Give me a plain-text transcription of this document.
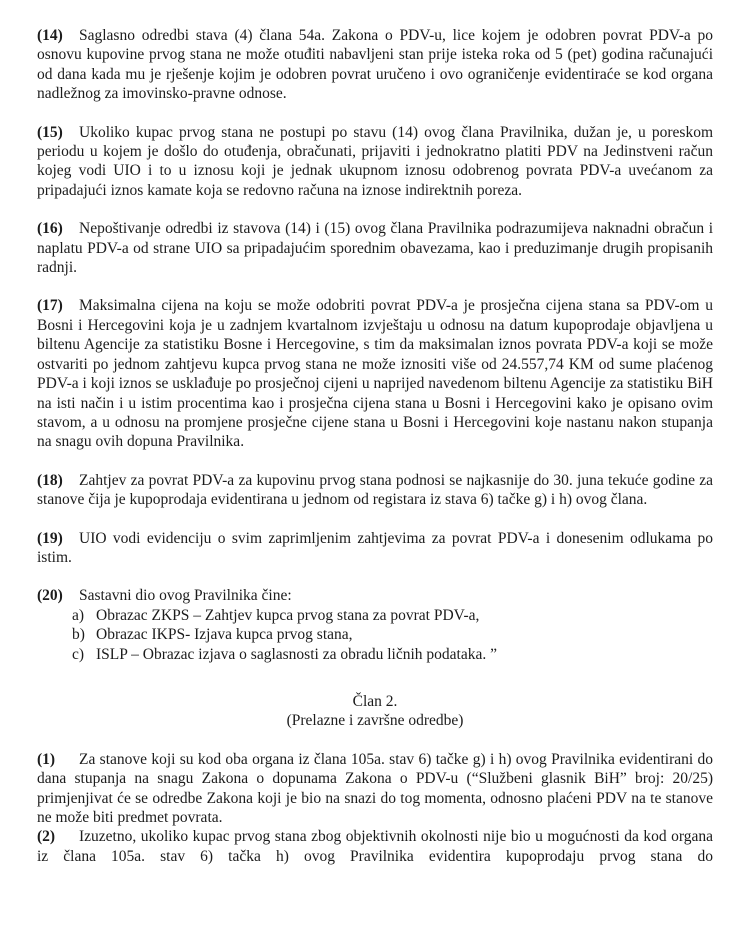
(14) Saglasno odredbi stava (4) člana 54a. Zakona o PDV-u, lice kojem je odobren povrat PDV-a po osnovu kupovine prvog stana ne može otuđiti nabavljeni stan prije isteka roka od 5 (pet) godina računajući od dana kada mu je rješenje kojim je odobren povrat uručeno i ovo ograničenje evidentiraće se kod organa nadležnog za imovinsko-pravne odnose.

(15) Ukoliko kupac prvog stana ne postupi po stavu (14) ovog člana Pravilnika, dužan je, u poreskom periodu u kojem je došlo do otuđenja, obračunati, prijaviti i jednokratno platiti PDV na Jedinstveni račun kojeg vodi UIO i to u iznosu koji je jednak ukupnom iznosu odobrenog povrata PDV-a uvećanom za pripadajući iznos kamate koja se redovno računa na iznose indirektnih poreza.

(16) Nepoštivanje odredbi iz stavova (14) i (15) ovog člana Pravilnika podrazumijeva naknadni obračun i naplatu PDV-a od strane UIO sa pripadajućim sporednim obavezama, kao i preduzimanje drugih propisanih radnji.

(17) Maksimalna cijena na koju se može odobriti povrat PDV-a je prosječna cijena stana sa PDV-om u Bosni i Hercegovini koja je u zadnjem kvartalnom izvještaju u odnosu na datum kupoprodaje objavljena u biltenu Agencije za statistiku Bosne i Hercegovine, s tim da maksimalan iznos povrata PDV-a koji se može ostvariti po jednom zahtjevu kupca prvog stana ne može iznositi više od 24.557,74 KM od sume plaćenog PDV-a i koji iznos se usklađuje po prosječnoj cijeni u naprijed navedenom biltenu Agencije za statistiku BiH na isti način i u istim procentima kao i prosječna cijena stana u Bosni i Hercegovini kako je opisano ovim stavom, a u odnosu na promjene prosječne cijene stana u Bosni i Hercegovini koje nastanu nakon stupanja na snagu ovih dopuna Pravilnika.

(18) Zahtjev za povrat PDV-a za kupovinu prvog stana podnosi se najkasnije do 30. juna tekuće godine za stanove čija je kupoprodaja evidentirana u jednom od registara iz stava 6) tačke g) i h) ovog člana.

(19) UIO vodi evidenciju o svim zaprimljenim zahtjevima za povrat PDV-a i donesenim odlukama po istim.

(20) Sastavni dio ovog Pravilnika čine:

a) Obrazac ZKPS – Zahtjev kupca prvog stana za povrat PDV-a,
b) Obrazac IKPS- Izjava kupca prvog stana,
c) ISLP – Obrazac izjava o saglasnosti za obradu ličnih podataka. ”
Član 2.
(Prelazne i završne odredbe)

(1) Za stanove koji su kod oba organa iz člana 105a. stav 6) tačke g) i h) ovog Pravilnika evidentirani do dana stupanja na snagu Zakona o dopunama Zakona o PDV-u (“Službeni glasnik BiH” broj: 20/25) primjenjivat će se odredbe Zakona koji je bio na snazi do tog momenta, odnosno plaćeni PDV na te stanove ne može biti predmet povrata.

(2) Izuzetno, ukoliko kupac prvog stana zbog objektivnih okolnosti nije bio u mogućnosti da kod organa iz člana 105a. stav 6) tačka h) ovog Pravilnika evidentira kupoprodaju prvog stana do
